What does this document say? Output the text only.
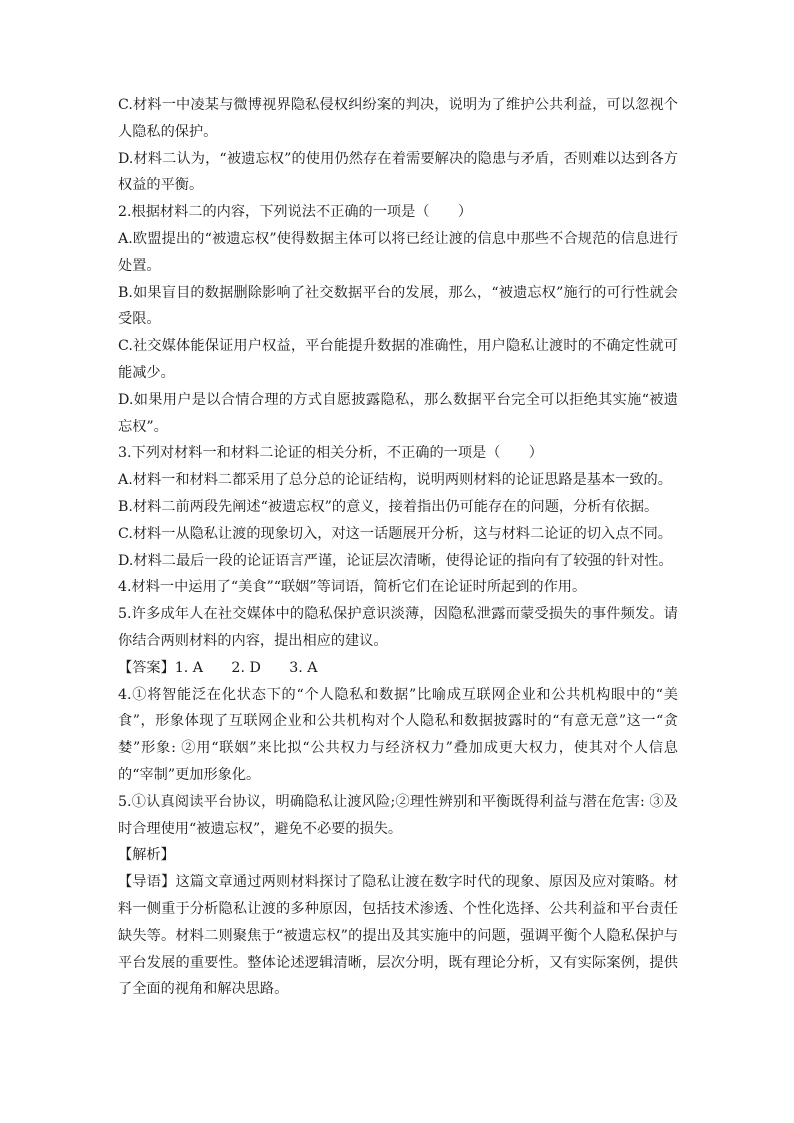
C.材料一中凌某与微博视界隐私侵权纠纷案的判决，说明为了维护公共利益，可以忽视个人隐私的保护。

D.材料二认为，“被遗忘权”的使用仍然存在着需要解决的隐患与矛盾，否则难以达到各方权益的平衡。

2.根据材料二的内容，下列说法不正确的一项是（　　）

A.欧盟提出的“被遗忘权”使得数据主体可以将已经让渡的信息中那些不合规范的信息进行处置。

B.如果盲目的数据删除影响了社交数据平台的发展，那么，“被遗忘权”施行的可行性就会受限。

C.社交媒体能保证用户权益，平台能提升数据的准确性，用户隐私让渡时的不确定性就可能减少。

D.如果用户是以合情合理的方式自愿披露隐私，那么数据平台完全可以拒绝其实施“被遗忘权”。

3.下列对材料一和材料二论证的相关分析，不正确的一项是（　　）

A.材料一和材料二都采用了总分总的论证结构，说明两则材料的论证思路是基本一致的。

B.材料二前两段先阐述“被遗忘权”的意义，接着指出仍可能存在的问题，分析有依据。

C.材料一从隐私让渡的现象切入，对这一话题展开分析，这与材料二论证的切入点不同。

D.材料二最后一段的论证语言严谨，论证层次清晰，使得论证的指向有了较强的针对性。

4.材料一中运用了“美食”“联姻”等词语，简析它们在论证时所起到的作用。

5.许多成年人在社交媒体中的隐私保护意识淡薄，因隐私泄露而蒙受损失的事件频发。请你结合两则材料的内容，提出相应的建议。

【答案】1. A　　2. D　　3. A

4.①将智能泛在化状态下的“个人隐私和数据”比喻成互联网企业和公共机构眼中的“美食”，形象体现了互联网企业和公共机构对个人隐私和数据披露时的“有意无意”这一“贪婪”形象: ②用“联姻”来比拟“公共权力与经济权力”叠加成更大权力，使其对个人信息的“宰制”更加形象化。

5.①认真阅读平台协议，明确隐私让渡风险;②理性辨别和平衡既得利益与潜在危害: ③及时合理使用“被遗忘权”，避免不必要的损失。

【解析】

【导语】这篇文章通过两则材料探讨了隐私让渡在数字时代的现象、原因及应对策略。材料一侧重于分析隐私让渡的多种原因，包括技术渗透、个性化选择、公共利益和平台责任缺失等。材料二则聚焦于“被遗忘权”的提出及其实施中的问题，强调平衡个人隐私保护与平台发展的重要性。整体论述逻辑清晰，层次分明，既有理论分析，又有实际案例，提供了全面的视角和解决思路。
